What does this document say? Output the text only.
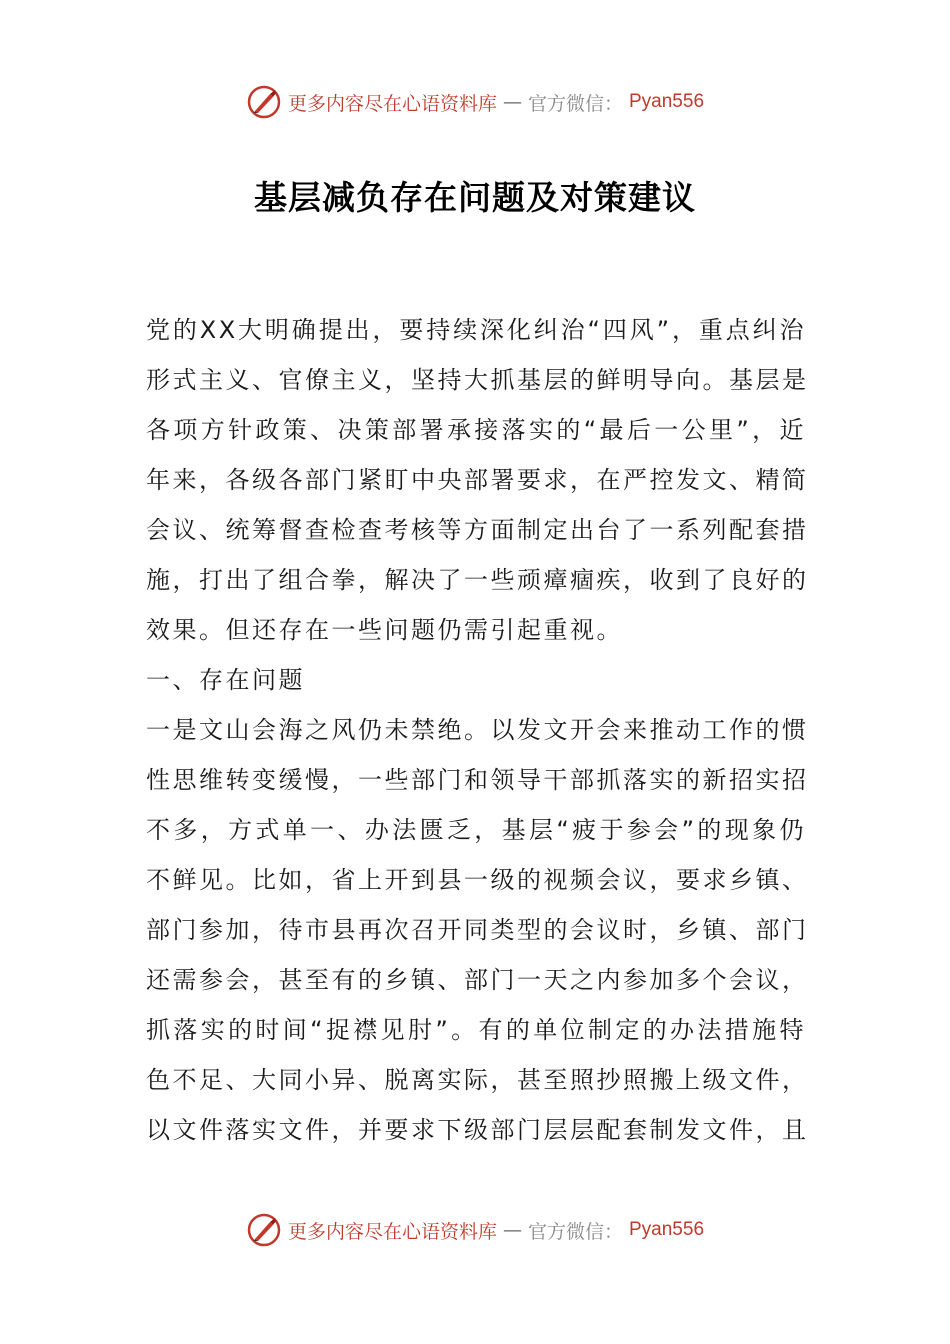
更多内容尽在心语资料库 — 官方微信： Pyan556
基层减负存在问题及对策建议
党的XX大明确提出，要持续深化纠治“四风”，重点纠治
形式主义、官僚主义，坚持大抓基层的鲜明导向。基层是
各项方针政策、决策部署承接落实的“最后一公里”，近
年来，各级各部门紧盯中央部署要求，在严控发文、精简
会议、统筹督查检查考核等方面制定出台了一系列配套措
施，打出了组合拳，解决了一些顽瘴痼疾，收到了良好的
效果。但还存在一些问题仍需引起重视。
一、存在问题
一是文山会海之风仍未禁绝。以发文开会来推动工作的惯
性思维转变缓慢，一些部门和领导干部抓落实的新招实招
不多，方式单一、办法匮乏，基层“疲于参会”的现象仍
不鲜见。比如，省上开到县一级的视频会议，要求乡镇、
部门参加，待市县再次召开同类型的会议时，乡镇、部门
还需参会，甚至有的乡镇、部门一天之内参加多个会议，
抓落实的时间“捉襟见肘”。有的单位制定的办法措施特
色不足、大同小异、脱离实际，甚至照抄照搬上级文件，
以文件落实文件，并要求下级部门层层配套制发文件，且
更多内容尽在心语资料库 — 官方微信： Pyan556
